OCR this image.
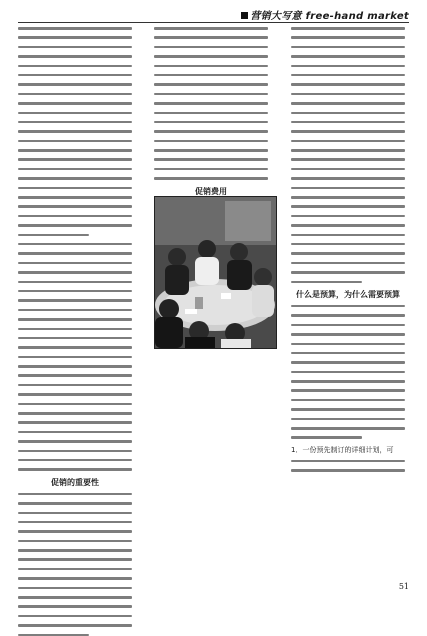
营销大写意 free-hand market
促销的重要性
促销费用
什么是预算，为什么需要预算
1．一份预先制订的详细计划，可
51
